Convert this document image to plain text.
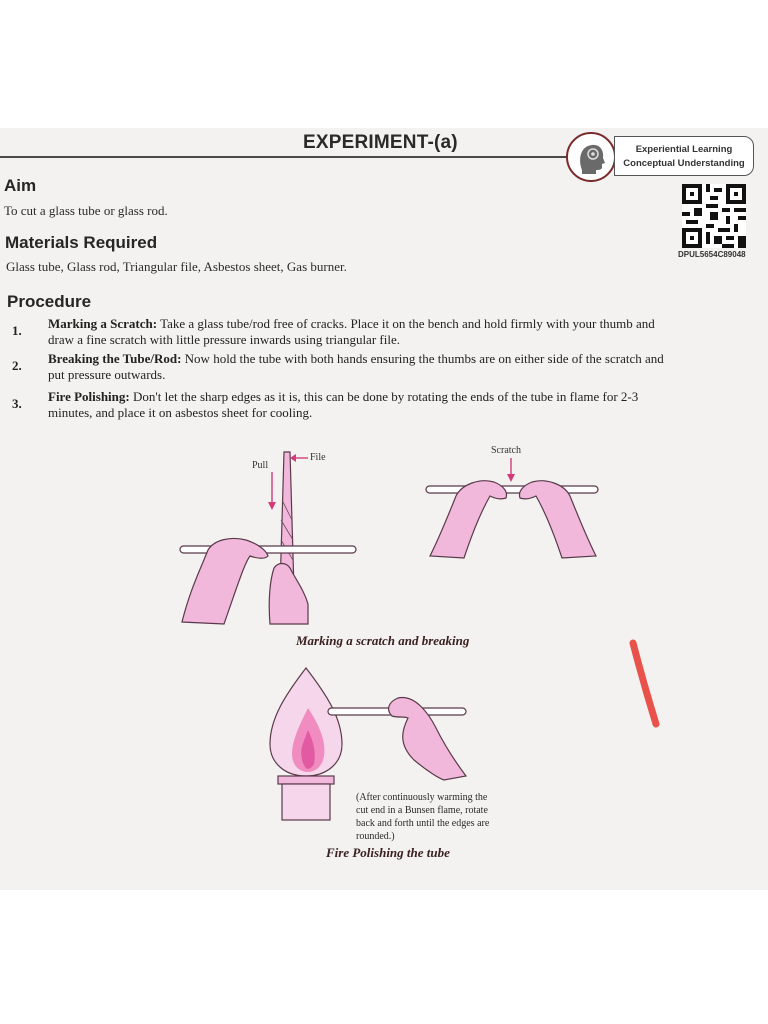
EXPERIMENT-(a)	Experiential Learning
Conceptual Understanding
DPUL5654C89048
Aim
To cut a glass tube or glass rod.
Materials Required
Glass tube, Glass rod, Triangular file, Asbestos sheet, Gas burner.
Procedure
1. Marking a Scratch: Take a glass tube/rod free of cracks. Place it on the bench and hold firmly with your thumb and
draw a fine scratch with little pressure inwards using triangular file.
2. Breaking the Tube/Rod: Now hold the tube with both hands ensuring the thumbs are on either side of the scratch and
put pressure outwards.
3. Fire Polishing: Don't let the sharp edges as it is, this can be done by rotating the ends of the tube in flame for 2-3
minutes, and place it on asbestos sheet for cooling.
Pull
File
Scratch
Marking a scratch and breaking
(After continuously warming the
cut end in a Bunsen flame, rotate
back and forth until the edges are
rounded.)
Fire Polishing the tube
